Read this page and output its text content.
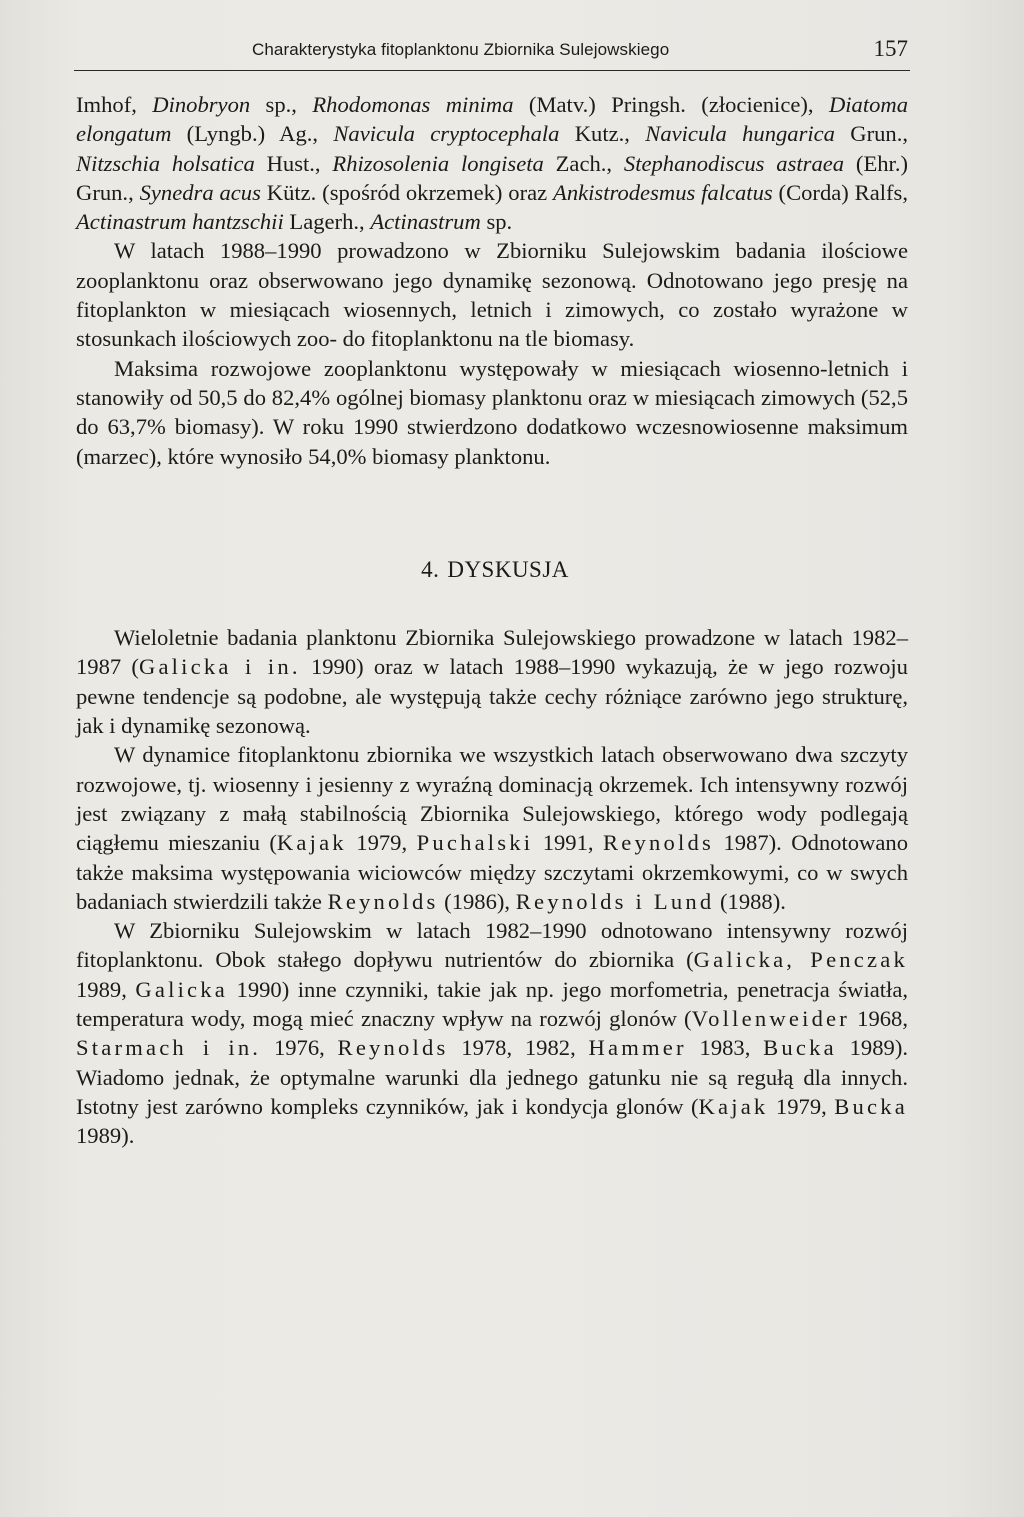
Charakterystyka fitoplanktonu Zbiornika Sulejowskiego	157

Imhof, Dinobryon sp., Rhodomonas minima (Matv.) Pringsh. (złocienice), Diatoma elongatum (Lyngb.) Ag., Navicula cryptocephala Kutz., Navicula hungarica Grun., Nitzschia holsatica Hust., Rhizosolenia longiseta Zach., Stephanodiscus astraea (Ehr.) Grun., Synedra acus Kütz. (spośród okrzemek) oraz Ankistrodesmus falcatus (Corda) Ralfs, Actinastrum hantzschii Lagerh., Actinastrum sp.

W latach 1988–1990 prowadzono w Zbiorniku Sulejowskim badania ilościowe zooplanktonu oraz obserwowano jego dynamikę sezonową. Odnotowano jego presję na fitoplankton w miesiącach wiosennych, letnich i zimowych, co zostało wyrażone w stosunkach ilościowych zoo- do fitoplanktonu na tle biomasy.

Maksima rozwojowe zooplanktonu występowały w miesiącach wiosenno-letnich i stanowiły od 50,5 do 82,4% ogólnej biomasy planktonu oraz w miesiącach zimowych (52,5 do 63,7% biomasy). W roku 1990 stwierdzono dodatkowo wczesnowiosenne maksimum (marzec), które wynosiło 54,0% biomasy planktonu.

4. DYSKUSJA

Wieloletnie badania planktonu Zbiornika Sulejowskiego prowadzone w latach 1982–1987 (Galicka i in. 1990) oraz w latach 1988–1990 wykazują, że w jego rozwoju pewne tendencje są podobne, ale występują także cechy różniące zarówno jego strukturę, jak i dynamikę sezonową.

W dynamice fitoplanktonu zbiornika we wszystkich latach obserwowano dwa szczyty rozwojowe, tj. wiosenny i jesienny z wyraźną dominacją okrzemek. Ich intensywny rozwój jest związany z małą stabilnością Zbiornika Sulejowskiego, którego wody podlegają ciągłemu mieszaniu (Kajak 1979, Puchalski 1991, Reynolds 1987). Odnotowano także maksima występowania wiciowców między szczytami okrzemkowymi, co w swych badaniach stwierdzili także Reynolds (1986), Reynolds i Lund (1988).

W Zbiorniku Sulejowskim w latach 1982–1990 odnotowano intensywny rozwój fitoplanktonu. Obok stałego dopływu nutrientów do zbiornika (Galicka, Penczak 1989, Galicka 1990) inne czynniki, takie jak np. jego morfometria, penetracja światła, temperatura wody, mogą mieć znaczny wpływ na rozwój glonów (Vollenweider 1968, Starmach i in. 1976, Reynolds 1978, 1982, Hammer 1983, Bucka 1989). Wiadomo jednak, że optymalne warunki dla jednego gatunku nie są regułą dla innych. Istotny jest zarówno kompleks czynników, jak i kondycja glonów (Kajak 1979, Bucka 1989).
